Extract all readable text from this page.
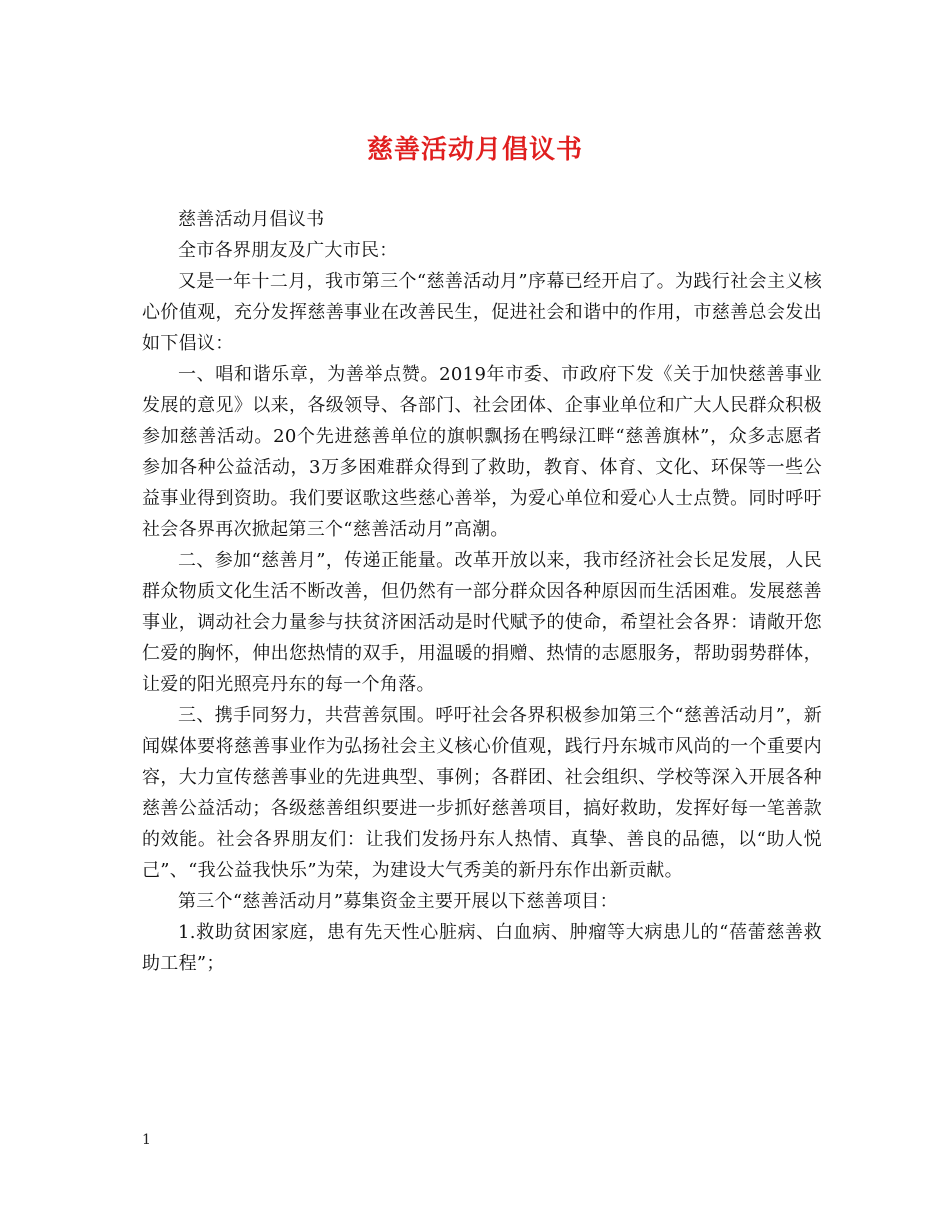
慈善活动月倡议书

慈善活动月倡议书

全市各界朋友及广大市民：

又是一年十二月，我市第三个“慈善活动月”序幕已经开启了。为践行社会主义核心价值观，充分发挥慈善事业在改善民生，促进社会和谐中的作用，市慈善总会发出如下倡议：

一、唱和谐乐章，为善举点赞。2019年市委、市政府下发《关于加快慈善事业发展的意见》以来，各级领导、各部门、社会团体、企事业单位和广大人民群众积极参加慈善活动。20个先进慈善单位的旗帜飘扬在鸭绿江畔“慈善旗林”，众多志愿者参加各种公益活动，3万多困难群众得到了救助，教育、体育、文化、环保等一些公益事业得到资助。我们要讴歌这些慈心善举，为爱心单位和爱心人士点赞。同时呼吁社会各界再次掀起第三个“慈善活动月”高潮。

二、参加“慈善月”，传递正能量。改革开放以来，我市经济社会长足发展，人民群众物质文化生活不断改善，但仍然有一部分群众因各种原因而生活困难。发展慈善事业，调动社会力量参与扶贫济困活动是时代赋予的使命，希望社会各界：请敞开您仁爱的胸怀，伸出您热情的双手，用温暖的捐赠、热情的志愿服务，帮助弱势群体，让爱的阳光照亮丹东的每一个角落。

三、携手同努力，共营善氛围。呼吁社会各界积极参加第三个“慈善活动月”，新闻媒体要将慈善事业作为弘扬社会主义核心价值观，践行丹东城市风尚的一个重要内容，大力宣传慈善事业的先进典型、事例；各群团、社会组织、学校等深入开展各种慈善公益活动；各级慈善组织要进一步抓好慈善项目，搞好救助，发挥好每一笔善款的效能。社会各界朋友们：让我们发扬丹东人热情、真挚、善良的品德，以“助人悦己”、“我公益我快乐”为荣，为建设大气秀美的新丹东作出新贡献。

第三个“慈善活动月”募集资金主要开展以下慈善项目：

1.救助贫困家庭，患有先天性心脏病、白血病、肿瘤等大病患儿的“蓓蕾慈善救助工程”；

1
